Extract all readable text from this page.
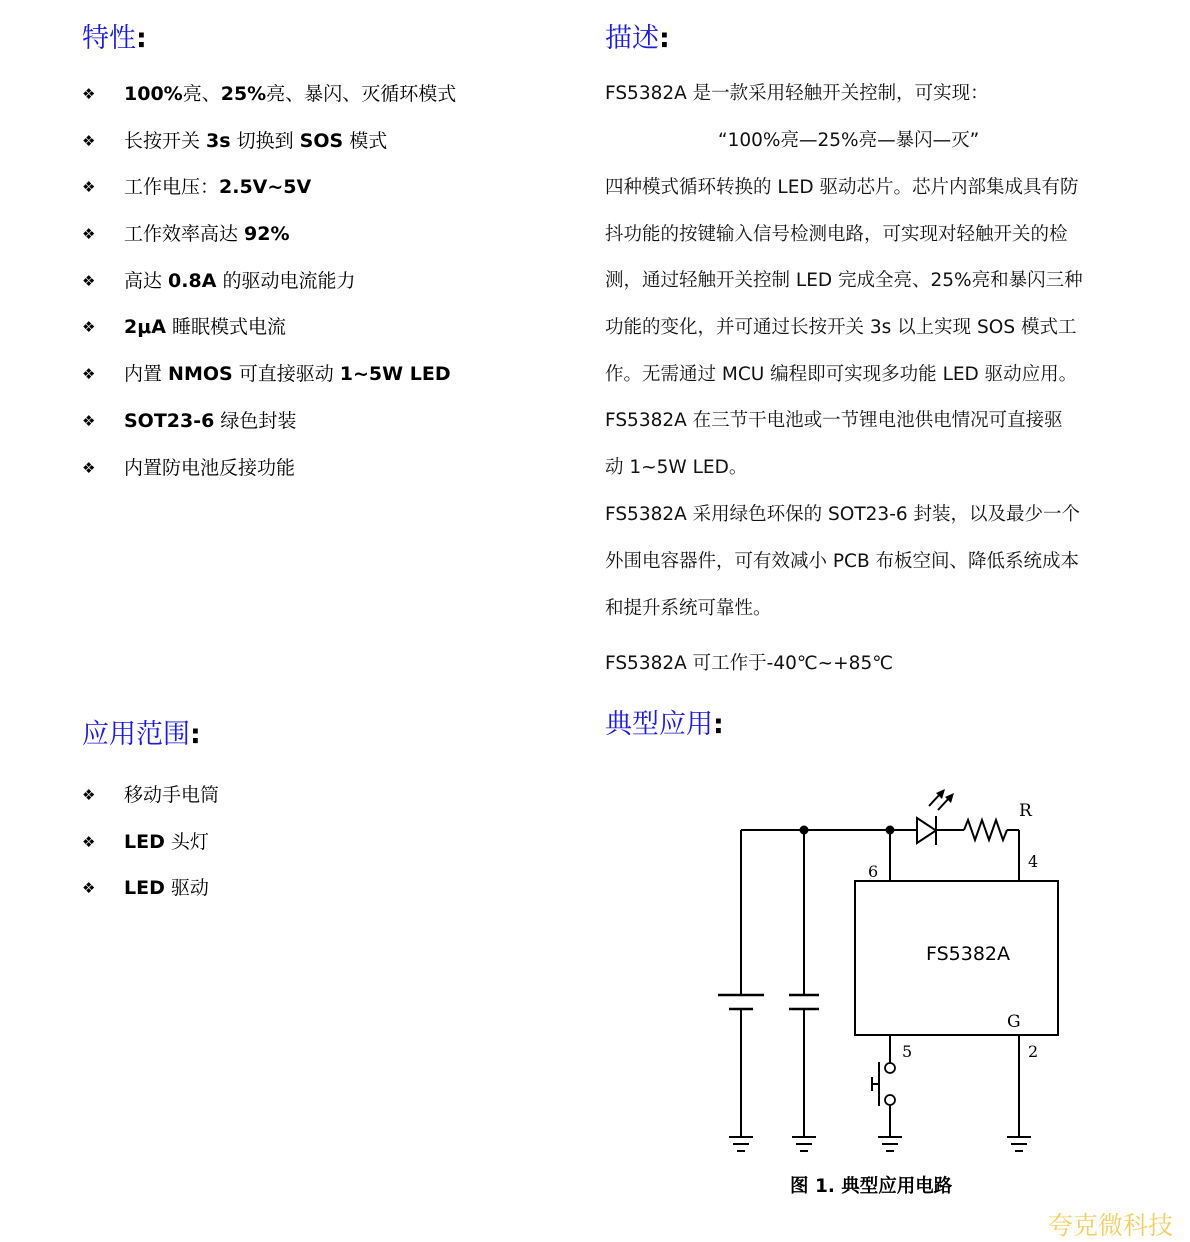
特性:
❖	100%亮、25%亮、暴闪、灭循环模式
❖	长按开关 3s 切换到 SOS 模式
❖	工作电压：2.5V~5V
❖	工作效率高达 92%
❖	高达 0.8A 的驱动电流能力
❖	2μA 睡眠模式电流
❖	内置 NMOS 可直接驱动 1~5W LED
❖	SOT23-6 绿色封装
❖	内置防电池反接功能
应用范围:
❖	移动手电筒
❖	LED 头灯
❖	LED 驱动
描述:
FS5382A 是一款采用轻触开关控制，可实现：
“100%亮—25%亮—暴闪—灭”
四种模式循环转换的 LED 驱动芯片。芯片内部集成具有防
抖功能的按键输入信号检测电路，可实现对轻触开关的检
测，通过轻触开关控制 LED 完成全亮、25%亮和暴闪三种
功能的变化，并可通过长按开关 3s 以上实现 SOS 模式工
作。无需通过 MCU 编程即可实现多功能 LED 驱动应用。
FS5382A 在三节干电池或一节锂电池供电情况可直接驱
动 1~5W LED。
FS5382A 采用绿色环保的 SOT23-6 封装，以及最少一个
外围电容器件，可有效减小 PCB 布板空间、降低系统成本
和提升系统可靠性。
FS5382A 可工作于-40℃~+85℃
典型应用:
FS5382A
6
4
5	2
R
G
图 1. 典型应用电路
夸克微科技
